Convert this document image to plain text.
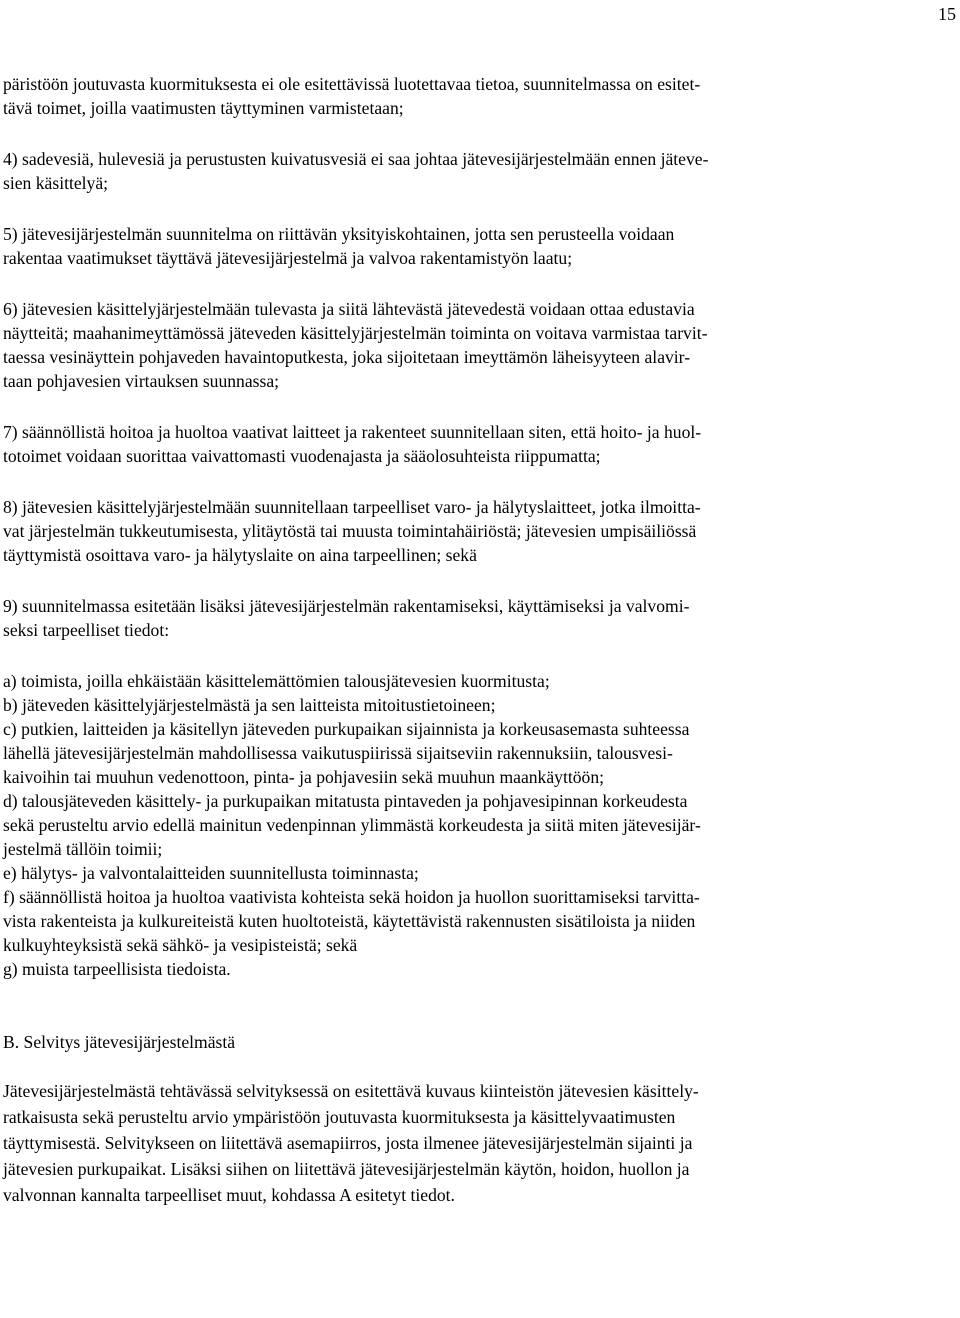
15
päristöön joutuvasta kuormituksesta ei ole esitettävissä luotettavaa tietoa, suunnitelmassa on esitet-
tävä toimet, joilla vaatimusten täyttyminen varmistetaan;
4) sadevesiä, hulevesiä ja perustusten kuivatusvesiä ei saa johtaa jätevesijärjestelmään ennen jäteve-
sien käsittelyä;
5) jätevesijärjestelmän suunnitelma on riittävän yksityiskohtainen, jotta sen perusteella voidaan
rakentaa vaatimukset täyttävä jätevesijärjestelmä ja valvoa rakentamistyön laatu;
6) jätevesien käsittelyjärjestelmään tulevasta ja siitä lähtevästä jätevedestä voidaan ottaa edustavia
näytteitä; maahanimeyttämössä jäteveden käsittelyjärjestelmän toiminta on voitava varmistaa tarvit-
taessa vesinäyttein pohjaveden havaintoputkesta, joka sijoitetaan imeyttämön läheisyyteen alavir-
taan pohjavesien virtauksen suunnassa;
7) säännöllistä hoitoa ja huoltoa vaativat laitteet ja rakenteet suunnitellaan siten, että hoito- ja huol-
totoimet voidaan suorittaa vaivattomasti vuodenajasta ja sääolosuhteista riippumatta;
8) jätevesien käsittelyjärjestelmään suunnitellaan tarpeelliset varo- ja hälytyslaitteet, jotka ilmoitta-
vat järjestelmän tukkeutumisesta, ylitäytöstä tai muusta toimintahäiriöstä; jätevesien umpisäiliössä
täyttymistä osoittava varo- ja hälytyslaite on aina tarpeellinen; sekä
9) suunnitelmassa esitetään lisäksi jätevesijärjestelmän rakentamiseksi, käyttämiseksi ja valvomi-
seksi tarpeelliset tiedot:
a) toimista, joilla ehkäistään käsittelemättömien talousjätevesien kuormitusta;
b) jäteveden käsittelyjärjestelmästä ja sen laitteista mitoitustietoineen;
c) putkien, laitteiden ja käsitellyn jäteveden purkupaikan sijainnista ja korkeusasemasta suhteessa
lähellä jätevesijärjestelmän mahdollisessa vaikutuspiirissä sijaitseviin rakennuksiin, talousvesi-
kaivoihin tai muuhun vedenottoon, pinta- ja pohjavesiin sekä muuhun maankäyttöön;
d) talousjäteveden käsittely- ja purkupaikan mitatusta pintaveden ja pohjavesipinnan korkeudesta
sekä perusteltu arvio edellä mainitun vedenpinnan ylimmästä korkeudesta ja siitä miten jätevesijär-
jestelmä tällöin toimii;
e) hälytys- ja valvontalaitteiden suunnitellusta toiminnasta;
f) säännöllistä hoitoa ja huoltoa vaativista kohteista sekä hoidon ja huollon suorittamiseksi tarvitta-
vista rakenteista ja kulkureiteistä kuten huoltoteistä, käytettävistä rakennusten sisätiloista ja niiden
kulkuyhteyksistä sekä sähkö- ja vesipisteistä; sekä
g) muista tarpeellisista tiedoista.
B. Selvitys jätevesijärjestelmästä
Jätevesijärjestelmästä tehtävässä selvityksessä on esitettävä kuvaus kiinteistön jätevesien käsittely-
ratkaisusta sekä perusteltu arvio ympäristöön joutuvasta kuormituksesta ja käsittelyvaatimusten
täyttymisestä. Selvitykseen on liitettävä asemapiirros, josta ilmenee jätevesijärjestelmän sijainti ja
jätevesien purkupaikat. Lisäksi siihen on liitettävä jätevesijärjestelmän käytön, hoidon, huollon ja
valvonnan kannalta tarpeelliset muut, kohdassa A esitetyt tiedot.
